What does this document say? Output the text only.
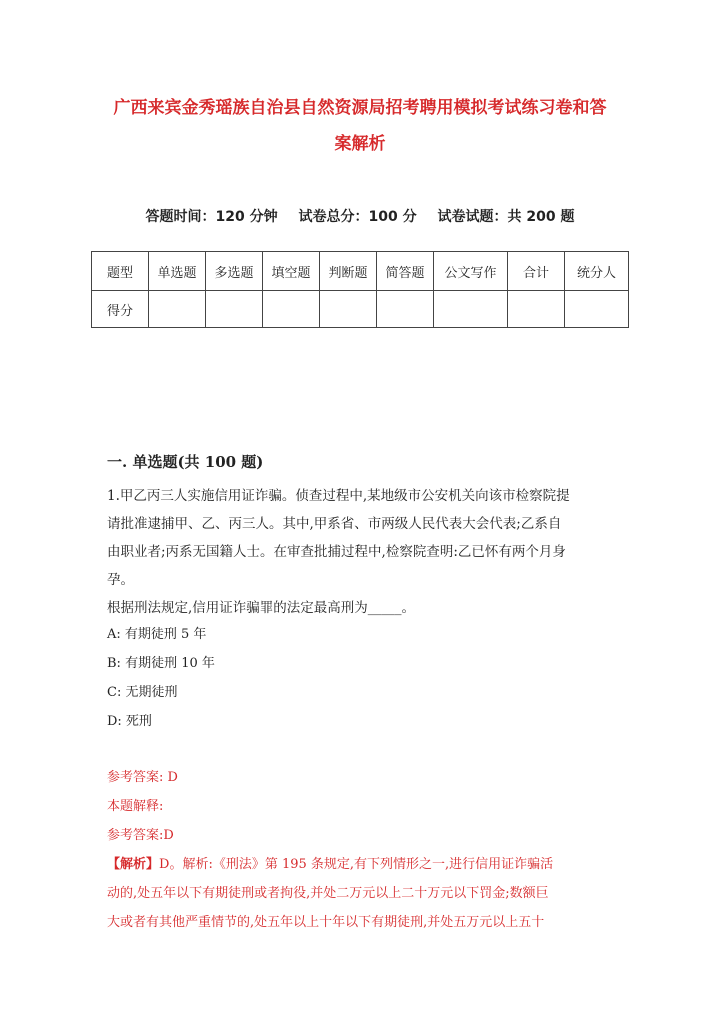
广西来宾金秀瑶族自治县自然资源局招考聘用模拟考试练习卷和答
案解析
答题时间：120 分钟 试卷总分：100 分 试卷试题：共 200 题
题型	单选题	多选题	填空题	判断题	简答题	公文写作	合计	统分人
得分								
一. 单选题(共 100 题)

1.甲乙丙三人实施信用证诈骗。侦查过程中,某地级市公安机关向该市检察院提

请批准逮捕甲、乙、丙三人。其中,甲系省、市两级人民代表大会代表;乙系自

由职业者;丙系无国籍人士。在审查批捕过程中,检察院查明:乙已怀有两个月身

孕。

根据刑法规定,信用证诈骗罪的法定最高刑为_____。

A: 有期徒刑 5 年
B: 有期徒刑 10 年
C: 无期徒刑
D: 死刑
参考答案: D
本题解释:
参考答案:D
【解析】D。解析:《刑法》第 195 条规定,有下列情形之一,进行信用证诈骗活
动的,处五年以下有期徒刑或者拘役,并处二万元以上二十万元以下罚金;数额巨
大或者有其他严重情节的,处五年以上十年以下有期徒刑,并处五万元以上五十
